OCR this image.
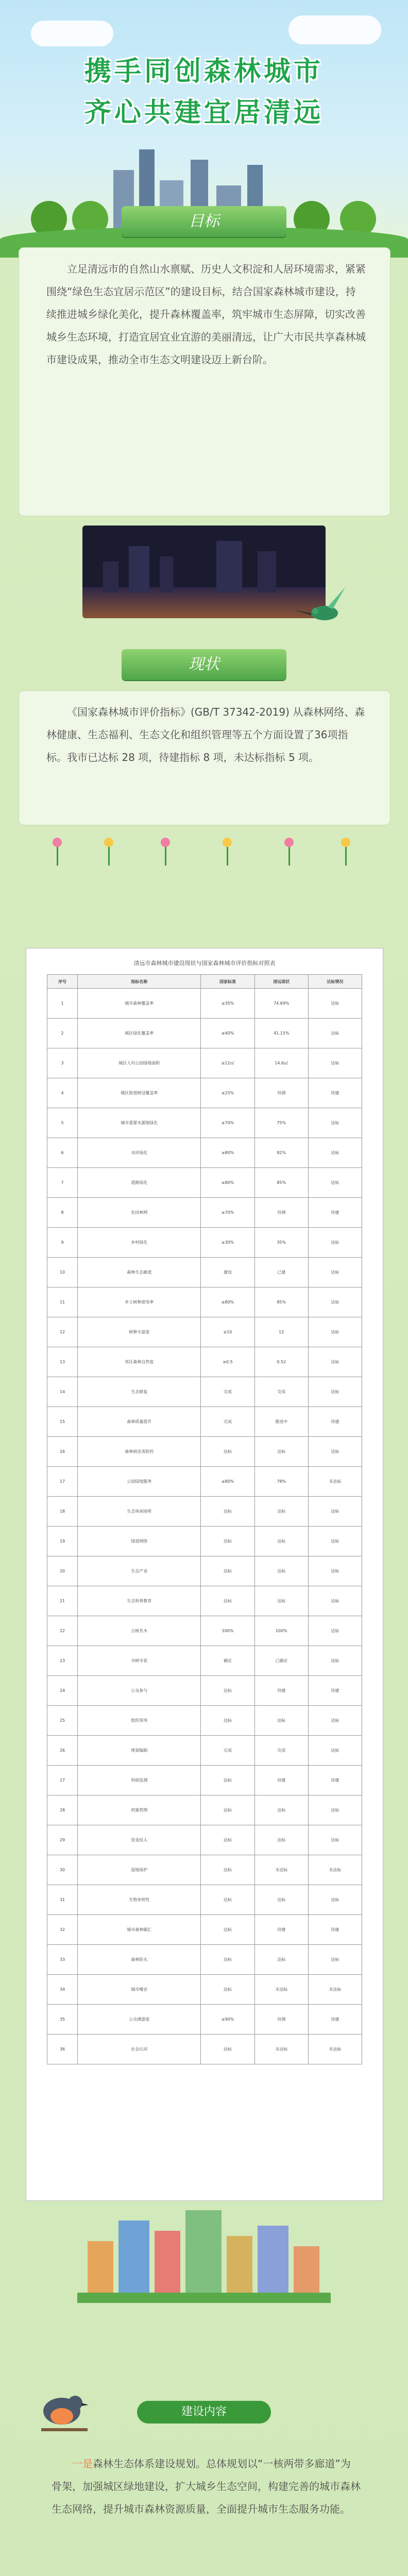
携手同创森林城市
齐心共建宜居清远
目标
立足清远市的自然山水禀赋、历史人文积淀和人居环境需求，紧紧围绕“绿色生态宜居示范区”的建设目标，结合国家森林城市建设，持续推进城乡绿化美化，提升森林覆盖率，筑牢城市生态屏障，切实改善城乡生态环境，打造宜居宜业宜游的美丽清远，让广大市民共享森林城市建设成果，推动全市生态文明建设迈上新台阶。
现状
《国家森林城市评价指标》(GB/T 37342-2019) 从森林网络、森林健康、生态福利、生态文化和组织管理等五个方面设置了36项指标。我市已达标 28 项，待建指标 8 项，未达标指标 5 项。
清远市森林城市建设现状与国家森林城市评价指标对照表
序号	指标名称	国家标准	清远现状	达标情况
1	城市森林覆盖率	≥35%	74.69%	达标
2	城区绿化覆盖率	≥40%	41.15%	达标
3	城区人均公园绿地面积	≥12㎡	14.6㎡	达标
4	城区街道树冠覆盖率	≥25%	待测	待建
5	城市重要水源地绿化	≥70%	75%	达标
6	水岸绿化	≥80%	82%	达标
7	道路绿化	≥80%	85%	达标
8	农田林网	≥70%	待测	待建
9	乡村绿化	≥30%	35%	达标
10	森林生态廊道	建设	已建	达标
11	乡土树种使用率	≥80%	85%	达标
12	树种丰富度	≥10	12	达标
13	郊区森林自然度	≥0.5	0.52	达标
14	生态修复	完成	完成	达标
15	森林质量提升	完成	推进中	待建
16	森林病虫害防控	达标	达标	达标
17	公园绿地服务	≥80%	78%	未达标
18	生态休闲场所	达标	达标	达标
19	绿道网络	达标	达标	达标
20	生态产业	达标	达标	达标
21	生态科普教育	达标	达标	达标
22	古树名木	100%	100%	达标
23	市树市花	确定	已确定	达标
24	公众参与	达标	待建	待建
25	组织领导	达标	达标	达标
26	规划编制	完成	完成	达标
27	科研监测	达标	待建	待建
28	档案管理	达标	达标	达标
29	资金投入	达标	达标	达标
30	湿地保护	达标	未达标	未达标
31	生物多样性	达标	达标	达标
32	城市森林碳汇	达标	待建	待建
33	森林防火	达标	达标	达标
34	城市噪音	达标	未达标	未达标
35	公众满意度	≥90%	待测	待建
36	社会认同	达标	未达标	未达标
建设内容
一是森林生态体系建设规划。总体规划以“一核两带多廊道”为骨架，加强城区绿地建设，扩大城乡生态空间，构建完善的城市森林生态网络，提升城市森林资源质量，全面提升城市生态服务功能。
